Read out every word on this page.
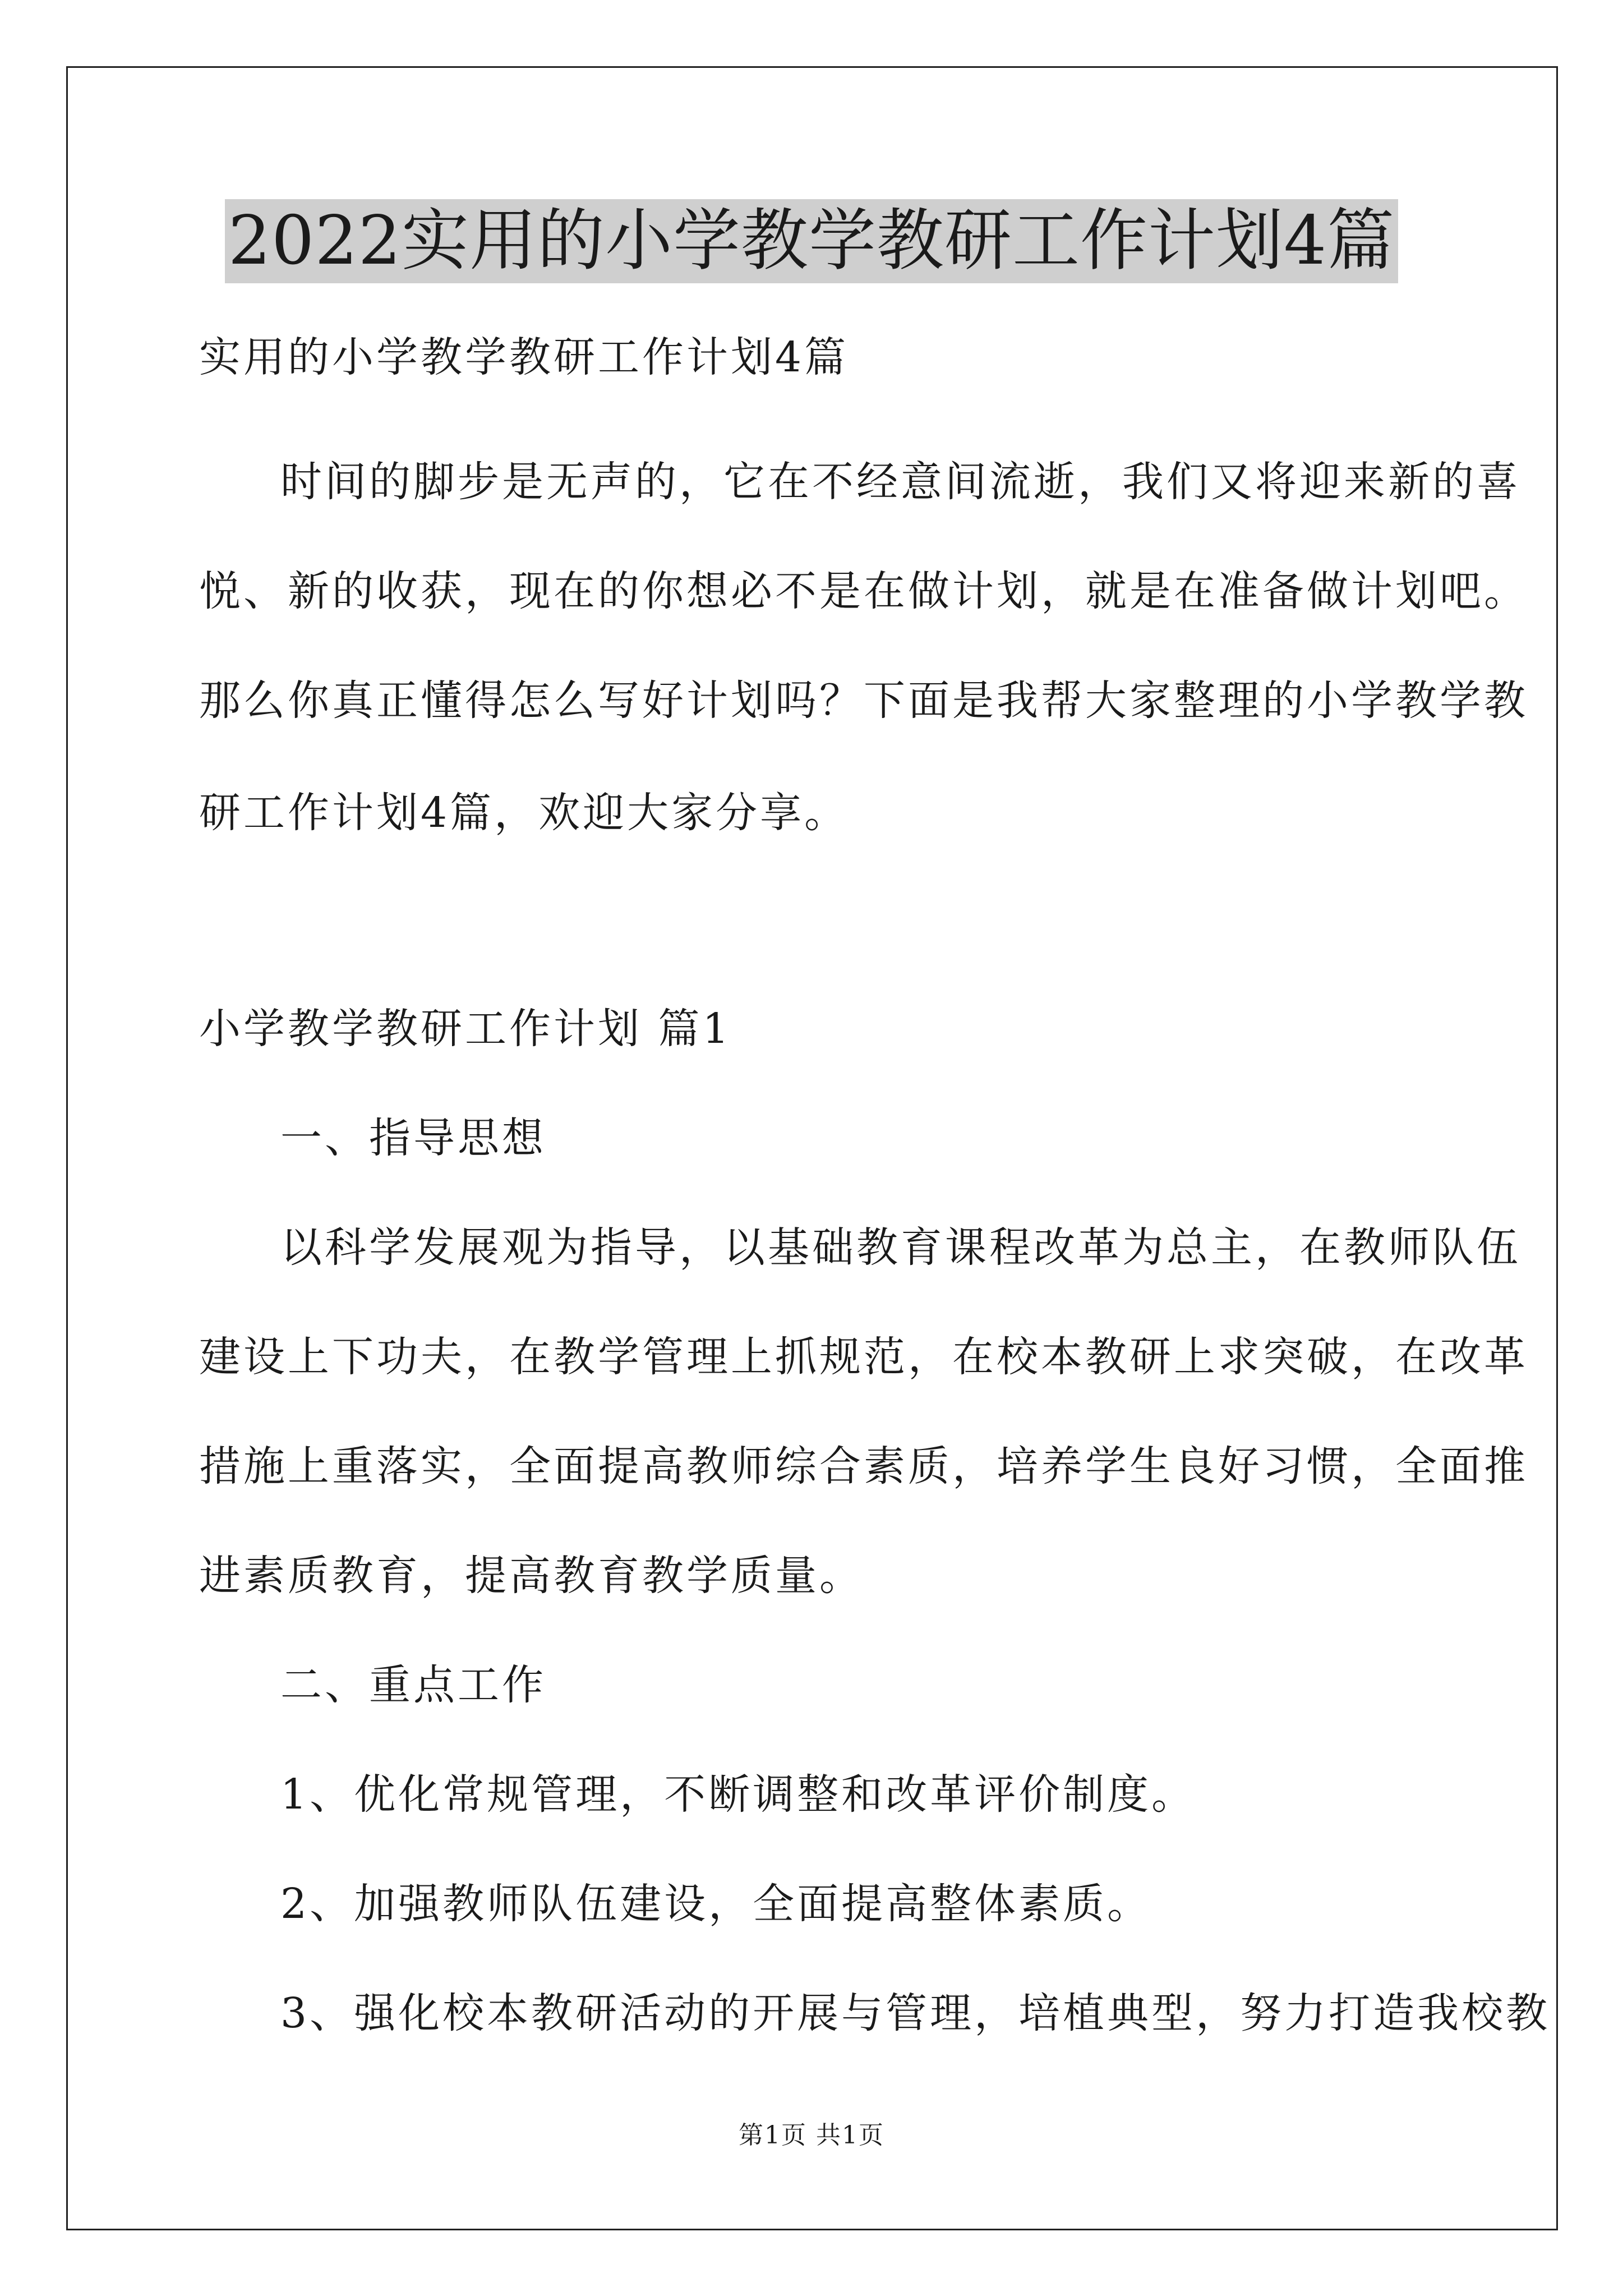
2022实用的小学教学教研工作计划4篇
实用的小学教学教研工作计划4篇
时间的脚步是无声的，它在不经意间流逝，我们又将迎来新的喜
悦、新的收获，现在的你想必不是在做计划，就是在准备做计划吧。
那么你真正懂得怎么写好计划吗？下面是我帮大家整理的小学教学教
研工作计划4篇，欢迎大家分享。
小学教学教研工作计划 篇1
一、指导思想
以科学发展观为指导，以基础教育课程改革为总主，在教师队伍
建设上下功夫，在教学管理上抓规范，在校本教研上求突破，在改革
措施上重落实，全面提高教师综合素质，培养学生良好习惯，全面推
进素质教育，提高教育教学质量。
二、重点工作
1、优化常规管理，不断调整和改革评价制度。
2、加强教师队伍建设，全面提高整体素质。
3、强化校本教研活动的开展与管理，培植典型，努力打造我校教
第1页 共1页
